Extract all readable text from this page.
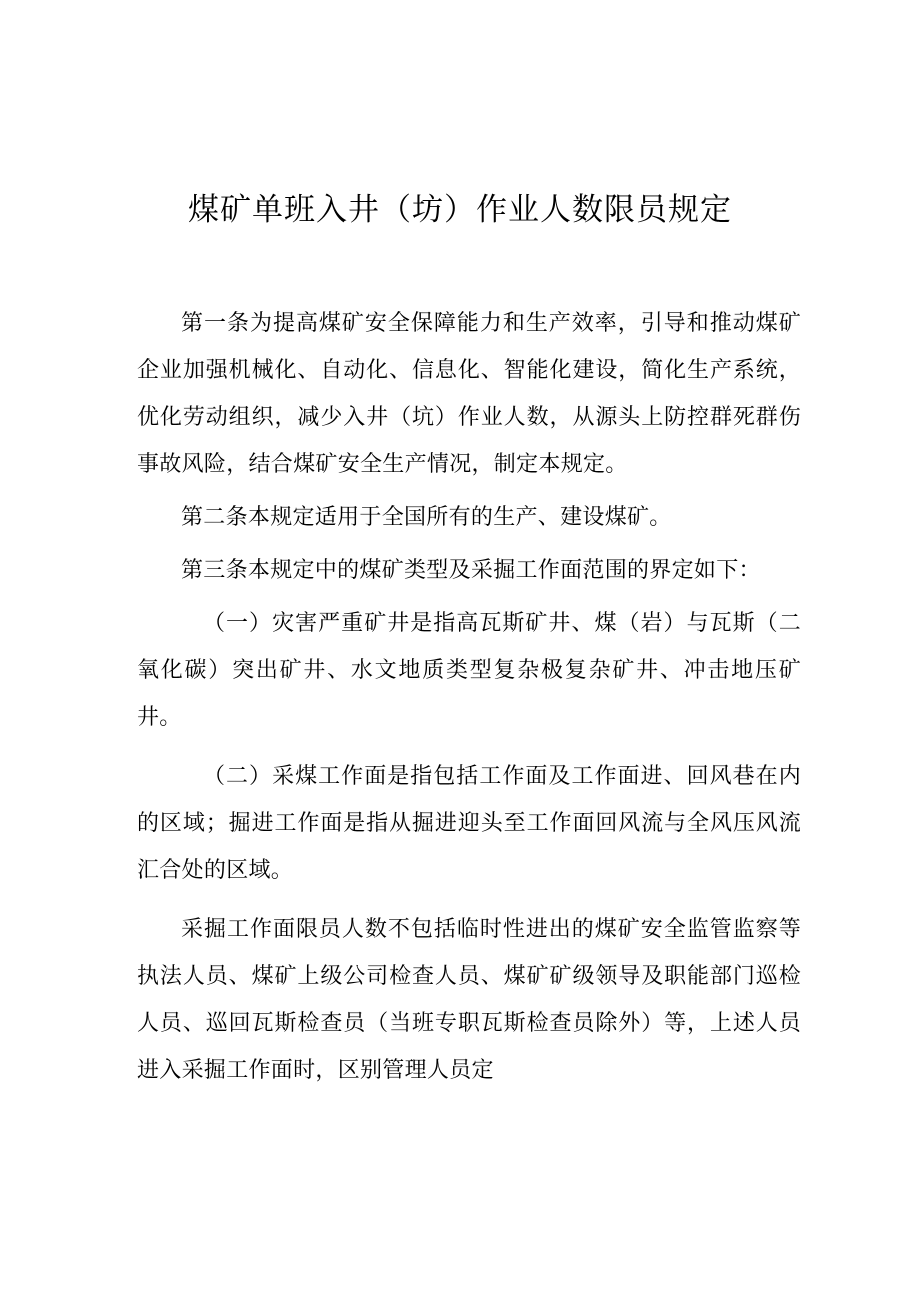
煤矿单班入井（坊）作业人数限员规定

第一条为提高煤矿安全保障能力和生产效率，引导和推动煤矿企业加强机械化、自动化、信息化、智能化建设，简化生产系统，优化劳动组织，减少入井（坑）作业人数，从源头上防控群死群伤事故风险，结合煤矿安全生产情况，制定本规定。

第二条本规定适用于全国所有的生产、建设煤矿。

第三条本规定中的煤矿类型及采掘工作面范围的界定如下：

（一）灾害严重矿井是指高瓦斯矿井、煤（岩）与瓦斯（二氧化碳）突出矿井、水文地质类型复杂极复杂矿井、冲击地压矿井。

（二）采煤工作面是指包括工作面及工作面进、回风巷在内的区域；掘进工作面是指从掘进迎头至工作面回风流与全风压风流汇合处的区域。

采掘工作面限员人数不包括临时性进出的煤矿安全监管监察等执法人员、煤矿上级公司检查人员、煤矿矿级领导及职能部门巡检人员、巡回瓦斯检查员（当班专职瓦斯检查员除外）等，上述人员进入采掘工作面时，区别管理人员定
